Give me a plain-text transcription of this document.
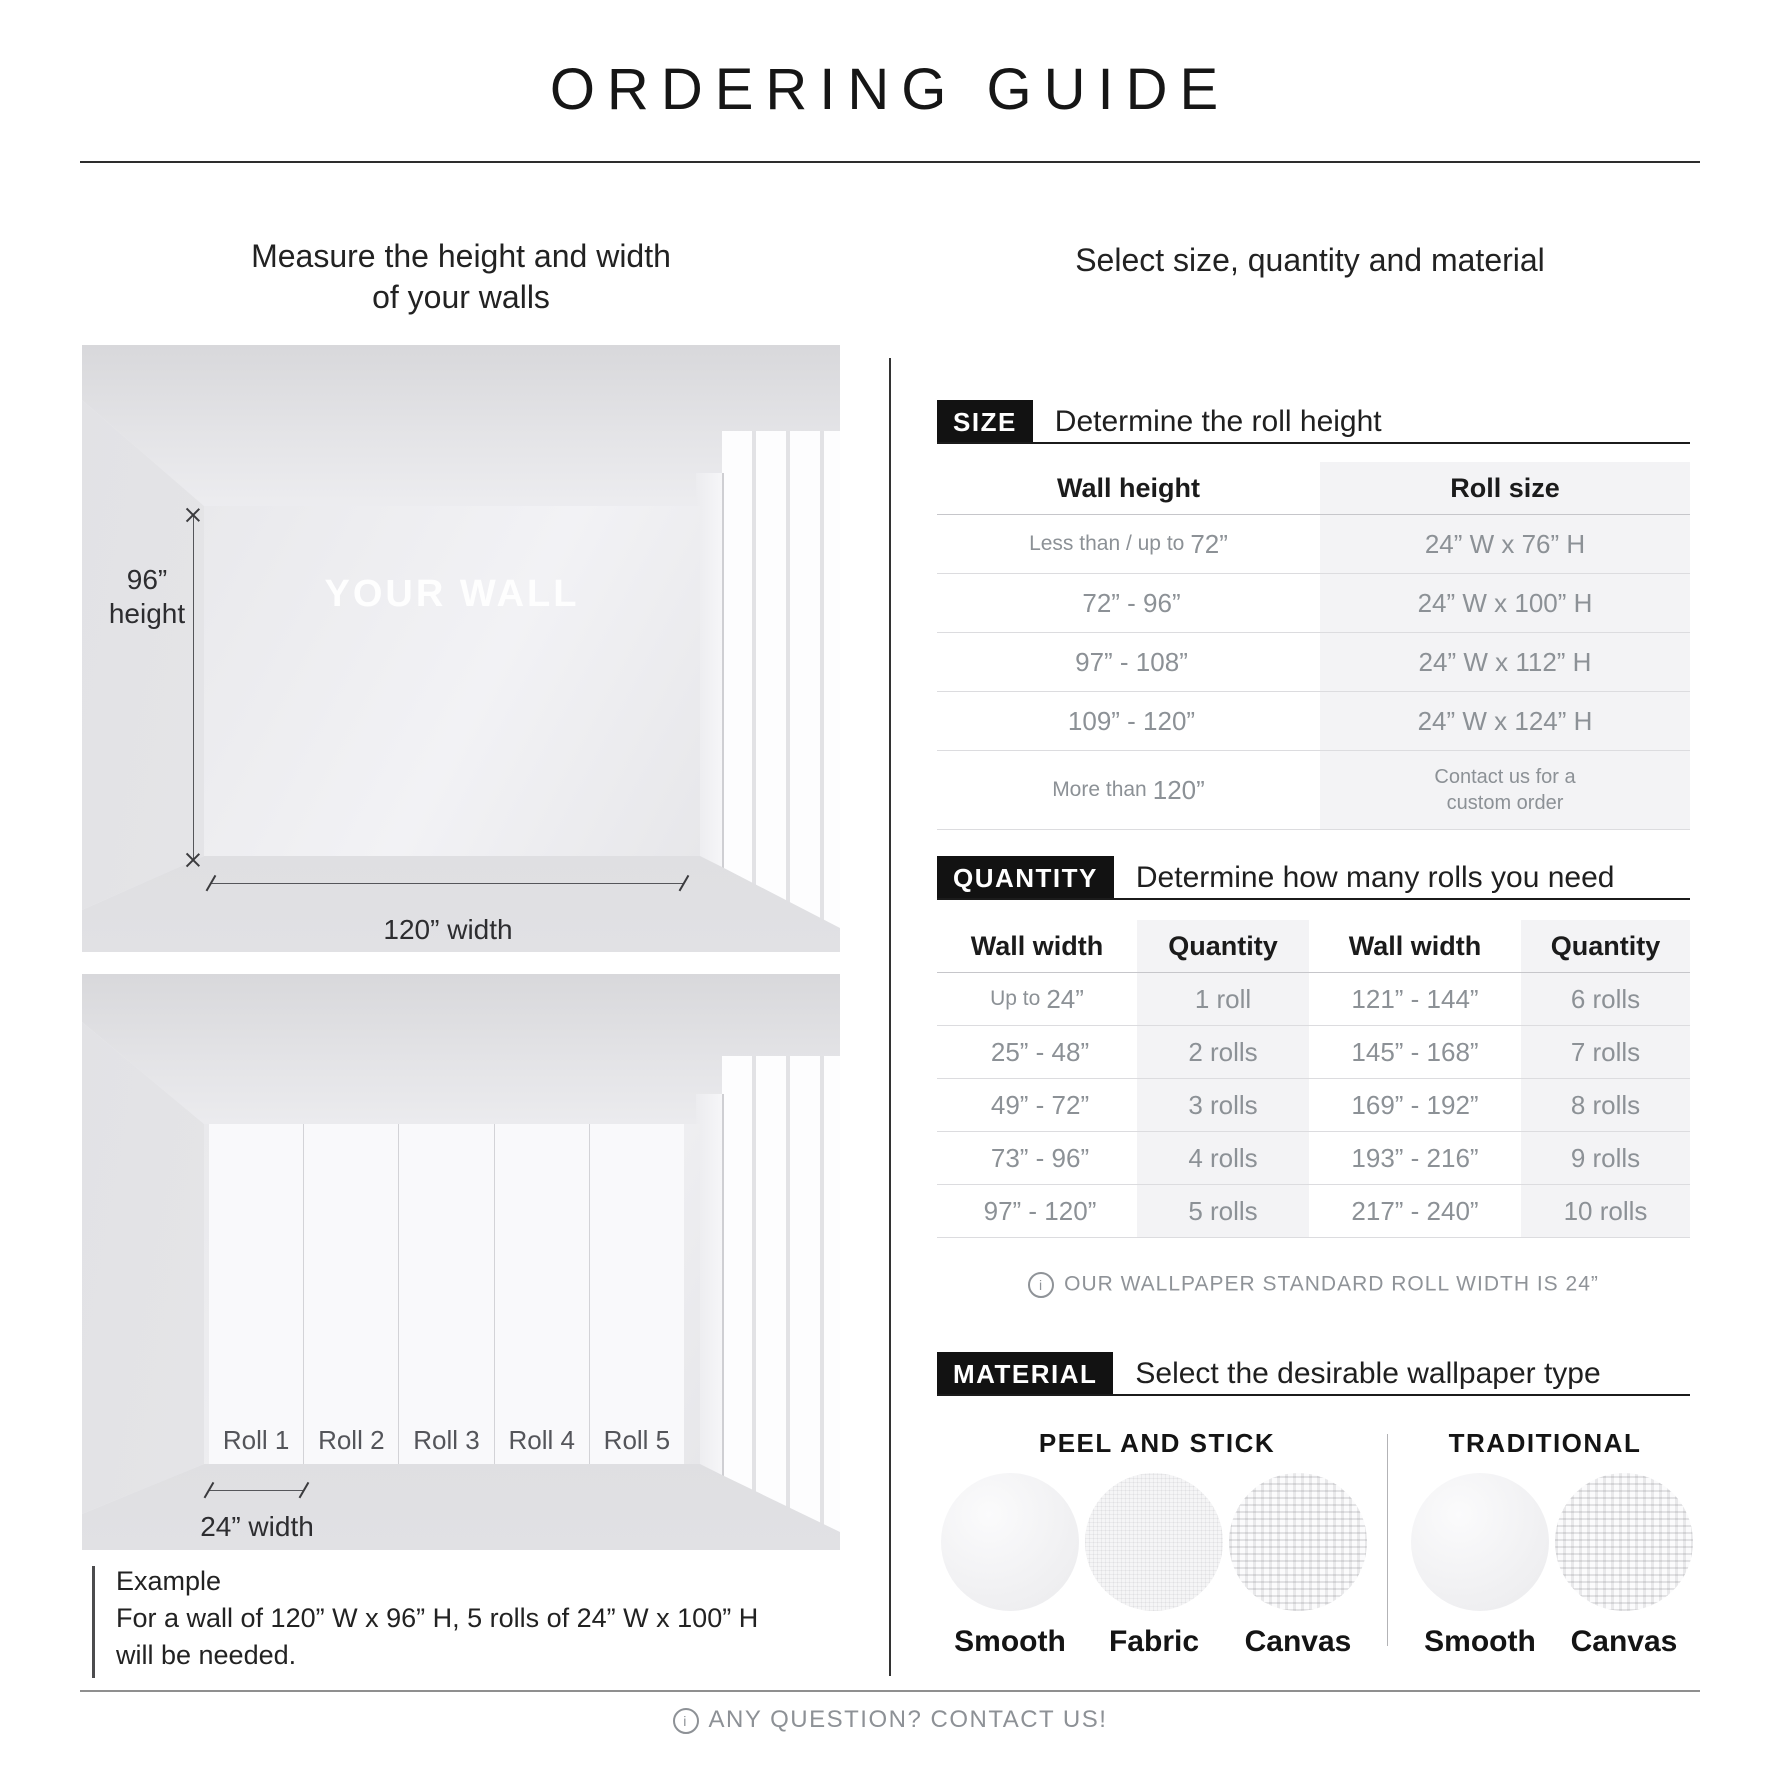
ORDERING GUIDE
Measure the height and width
of your walls
Select size, quantity and material
YOUR WALL
96”
height
120” width
Roll 1 Roll 2 Roll 3 Roll 4 Roll 5
24” width
Example
For a wall of 120” W x 96” H, 5 rolls of 24” W x 100” H
will be needed.
SIZE	Determine the roll height
Wall height	Roll size
Less than / up to 72”	24” W x 76” H
72” - 96”	24” W x 100” H
97” - 108”	24” W x 112” H
109” - 120”	24” W x 124” H
More than 120”	Contact us for a custom order
QUANTITY	Determine how many rolls you need
Wall width	Quantity	Wall width	Quantity
Up to 24”	1 roll	121” - 144”	6 rolls
25” - 48”	2 rolls	145” - 168”	7 rolls
49” - 72”	3 rolls	169” - 192”	8 rolls
73” - 96”	4 rolls	193” - 216”	9 rolls
97” - 120”	5 rolls	217” - 240”	10 rolls
i OUR WALLPAPER STANDARD ROLL WIDTH IS 24”
MATERIAL	Select the desirable wallpaper type
PEEL AND STICK	TRADITIONAL
Smooth	Fabric	Canvas	Smooth	Canvas
i ANY QUESTION? CONTACT US!
